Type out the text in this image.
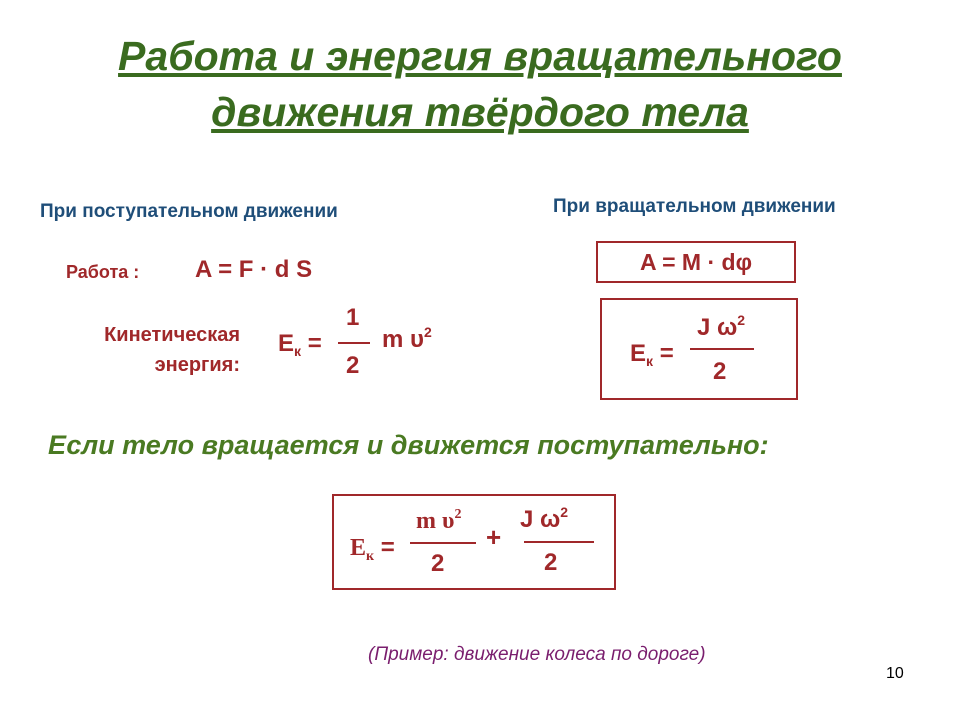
Работа и энергия вращательного
движения твёрдого тела
При поступательном движении
Работа : A = F · d S
Кинетическая
энергия:
$E_к$ =
1
2
m $\upsilon^2$
При вращательном движении
A = M · dφ
$E_к$ =
J $\omega^2$
2
Если тело вращается и движется поступательно:
$E_к$ =
m $\upsilon^2$
2
+
J $\omega^2$
2
(Пример: движение колеса по дороге)
10
